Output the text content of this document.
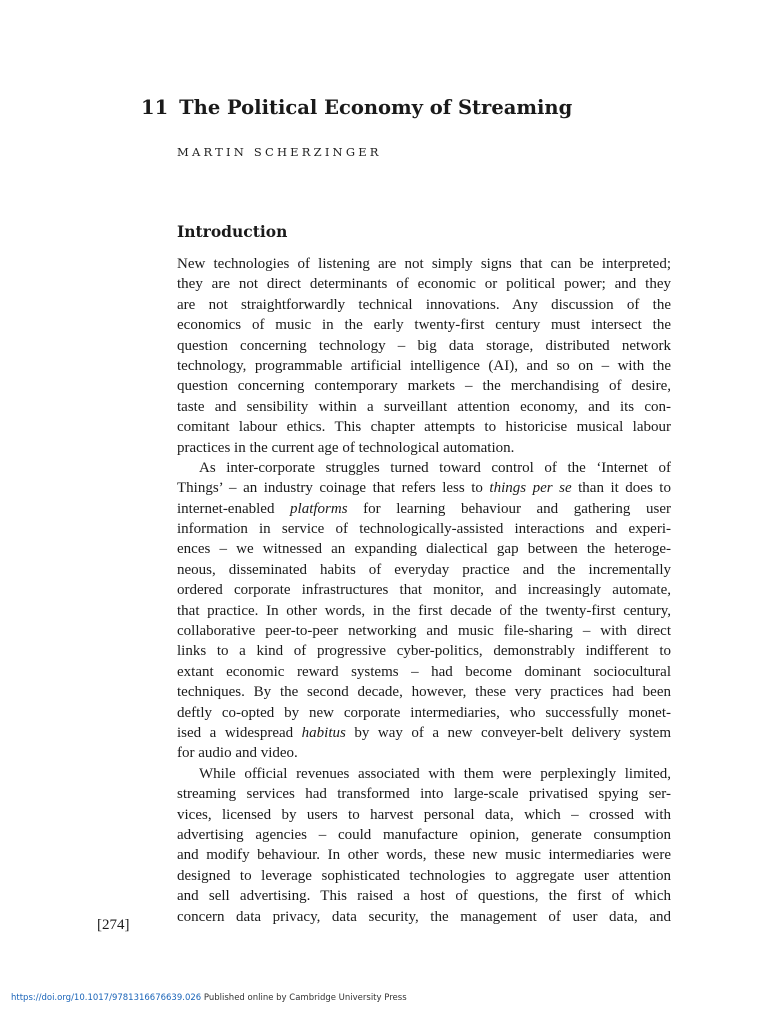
11 The Political Economy of Streaming
MARTIN SCHERZINGER
Introduction
New technologies of listening are not simply signs that can be interpreted;
they are not direct determinants of economic or political power; and they
are not straightforwardly technical innovations. Any discussion of the
economics of music in the early twenty-first century must intersect the
question concerning technology – big data storage, distributed network
technology, programmable artificial intelligence (AI), and so on – with the
question concerning contemporary markets – the merchandising of desire,
taste and sensibility within a surveillant attention economy, and its con-
comitant labour ethics. This chapter attempts to historicise musical labour
practices in the current age of technological automation.
As inter-corporate struggles turned toward control of the ‘Internet of
Things’ – an industry coinage that refers less to things per se than it does to
internet-enabled platforms for learning behaviour and gathering user
information in service of technologically-assisted interactions and experi-
ences – we witnessed an expanding dialectical gap between the heteroge-
neous, disseminated habits of everyday practice and the incrementally
ordered corporate infrastructures that monitor, and increasingly automate,
that practice. In other words, in the first decade of the twenty-first century,
collaborative peer-to-peer networking and music file-sharing – with direct
links to a kind of progressive cyber-politics, demonstrably indifferent to
extant economic reward systems – had become dominant sociocultural
techniques. By the second decade, however, these very practices had been
deftly co-opted by new corporate intermediaries, who successfully monet-
ised a widespread habitus by way of a new conveyer-belt delivery system
for audio and video.
While official revenues associated with them were perplexingly limited,
streaming services had transformed into large-scale privatised spying ser-
vices, licensed by users to harvest personal data, which – crossed with
advertising agencies – could manufacture opinion, generate consumption
and modify behaviour. In other words, these new music intermediaries were
designed to leverage sophisticated technologies to aggregate user attention
and sell advertising. This raised a host of questions, the first of which
concern data privacy, data security, the management of user data, and
[274]
https://doi.org/10.1017/9781316676639.026 Published online by Cambridge University Press
